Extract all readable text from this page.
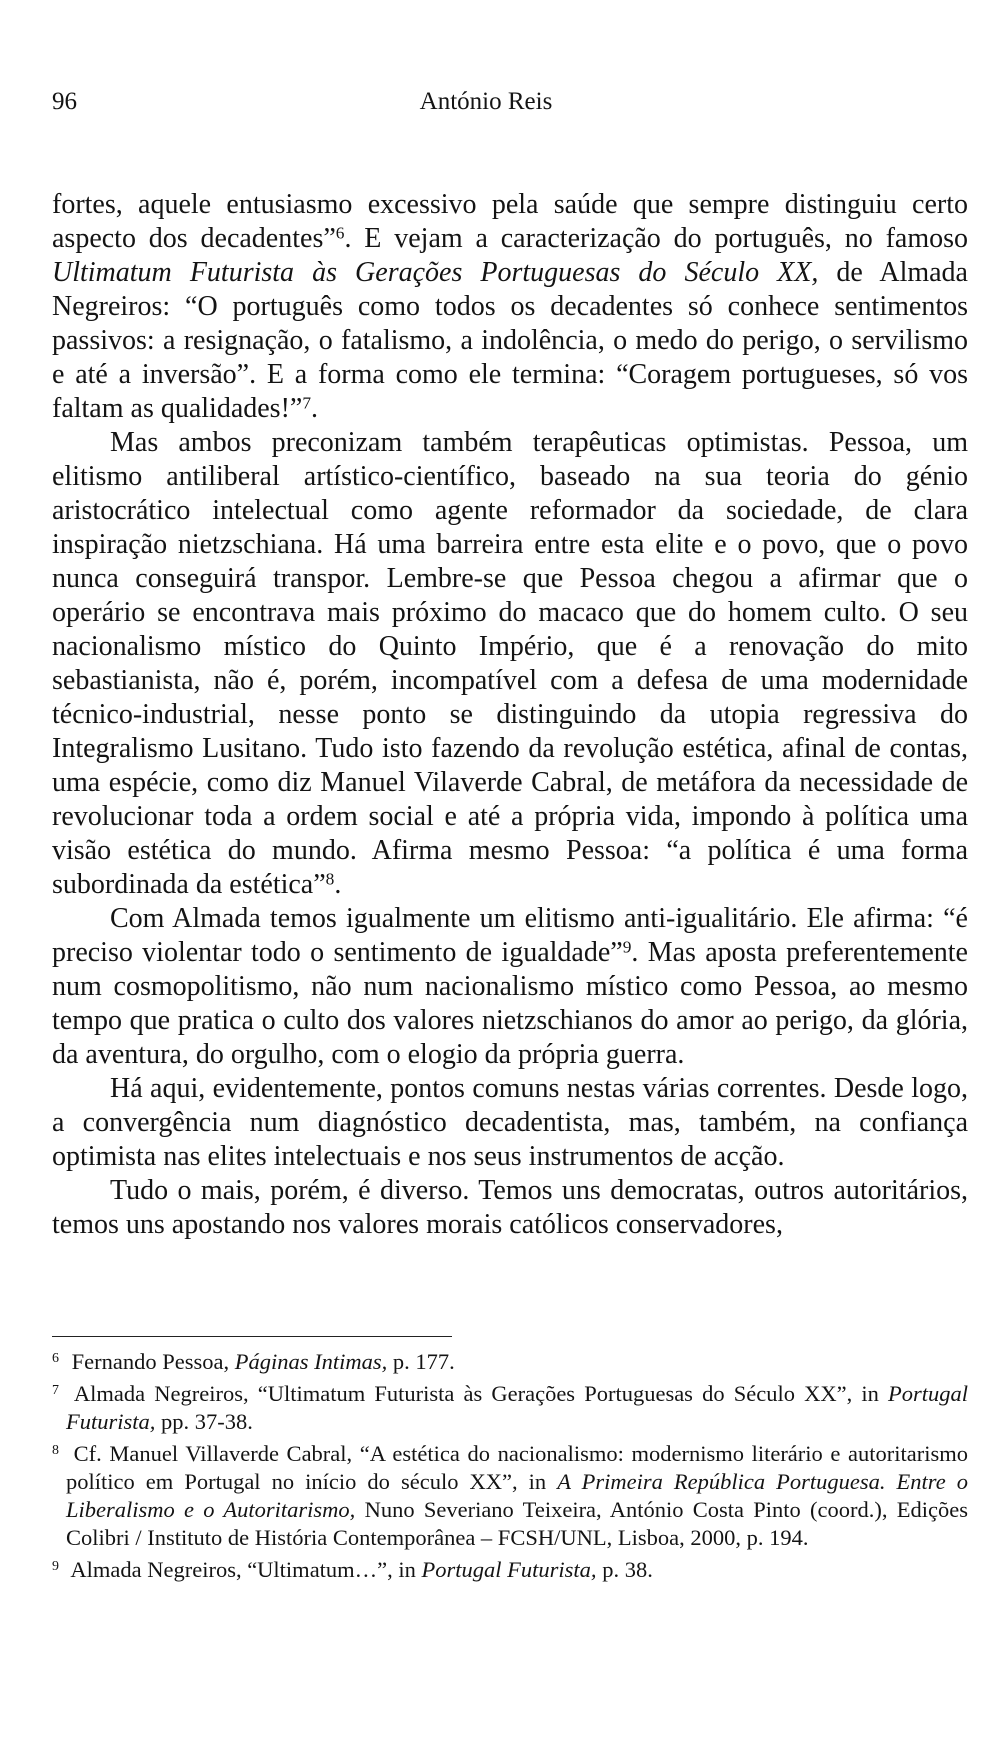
96	António Reis

fortes, aquele entusiasmo excessivo pela saúde que sempre distinguiu certo aspecto dos decadentes”$^6$. E vejam a caracterização do português, no famoso Ultimatum Futurista às Gerações Portuguesas do Século XX, de Almada Negreiros: “O português como todos os decadentes só conhece sentimentos passivos: a resignação, o fatalismo, a indolência, o medo do perigo, o servilismo e até a inversão”. E a forma como ele termina: “Coragem portugueses, só vos faltam as qualidades!”$^7$.

Mas ambos preconizam também terapêuticas optimistas. Pessoa, um elitismo antiliberal artístico-científico, baseado na sua teoria do génio aristocrático intelectual como agente reformador da sociedade, de clara inspiração nietzschiana. Há uma barreira entre esta elite e o povo, que o povo nunca conseguirá transpor. Lembre-se que Pessoa chegou a afirmar que o operário se encontrava mais próximo do macaco que do homem culto. O seu nacionalismo místico do Quinto Império, que é a renovação do mito sebastianista, não é, porém, incompatível com a defesa de uma modernidade técnico-industrial, nesse ponto se distinguindo da utopia regressiva do Integralismo Lusitano. Tudo isto fazendo da revolução estética, afinal de contas, uma espécie, como diz Manuel Vilaverde Cabral, de metáfora da necessidade de revolucionar toda a ordem social e até a própria vida, impondo à política uma visão estética do mundo. Afirma mesmo Pessoa: “a política é uma forma subordinada da estética”$^8$.

Com Almada temos igualmente um elitismo anti-igualitário. Ele afirma: “é preciso violentar todo o sentimento de igualdade”$^9$. Mas aposta preferentemente num cosmopolitismo, não num nacionalismo místico como Pessoa, ao mesmo tempo que pratica o culto dos valores nietzschianos do amor ao perigo, da glória, da aventura, do orgulho, com o elogio da própria guerra.

Há aqui, evidentemente, pontos comuns nestas várias correntes. Desde logo, a convergência num diagnóstico decadentista, mas, também, na confiança optimista nas elites intelectuais e nos seus instrumentos de acção.

Tudo o mais, porém, é diverso. Temos uns democratas, outros autoritários, temos uns apostando nos valores morais católicos conservadores,

6 Fernando Pessoa, Páginas Intimas, p. 177.

7 Almada Negreiros, “Ultimatum Futurista às Gerações Portuguesas do Século XX”, in Portugal Futurista, pp. 37-38.

8 Cf. Manuel Villaverde Cabral, “A estética do nacionalismo: modernismo literário e autoritarismo político em Portugal no início do século XX”, in A Primeira República Portuguesa. Entre o Liberalismo e o Autoritarismo, Nuno Severiano Teixeira, António Costa Pinto (coord.), Edições Colibri / Instituto de História Contemporânea – FCSH/UNL, Lisboa, 2000, p. 194.

9 Almada Negreiros, “Ultimatum…”, in Portugal Futurista, p. 38.
